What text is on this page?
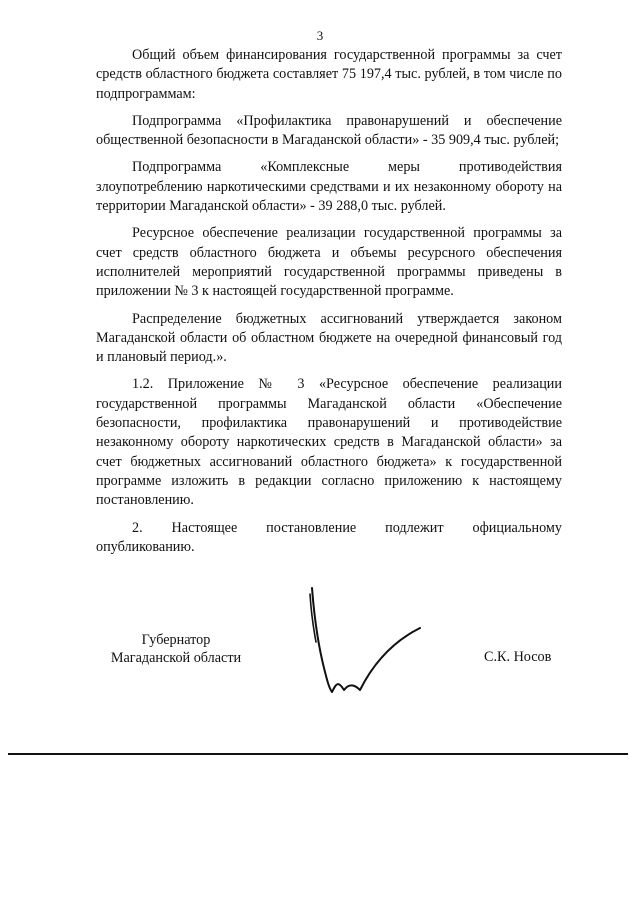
3

Общий объем финансирования государственной программы за счет средств областного бюджета составляет 75 197,4 тыс. рублей, в том числе по подпрограммам:

Подпрограмма «Профилактика правонарушений и обеспечение общественной безопасности в Магаданской области» - 35 909,4 тыс. рублей;

Подпрограмма «Комплексные меры противодействия злоупотреблению наркотическими средствами и их незаконному обороту на территории Магаданской области» - 39 288,0 тыс. рублей.

Ресурсное обеспечение реализации государственной программы за счет средств областного бюджета и объемы ресурсного обеспечения исполнителей мероприятий государственной программы приведены в приложении № 3 к настоящей государственной программе.

Распределение бюджетных ассигнований утверждается законом Магаданской области об областном бюджете на очередной финансовый год и плановый период.».

1.2. Приложение № 3 «Ресурсное обеспечение реализации государственной программы Магаданской области «Обеспечение безопасности, профилактика правонарушений и противодействие незаконному обороту наркотических средств в Магаданской области» за счет бюджетных ассигнований областного бюджета» к государственной программе изложить в редакции согласно приложению к настоящему постановлению.

2. Настоящее постановление подлежит официальному опубликованию.

Губернатор
Магаданской области	С.К. Носов
